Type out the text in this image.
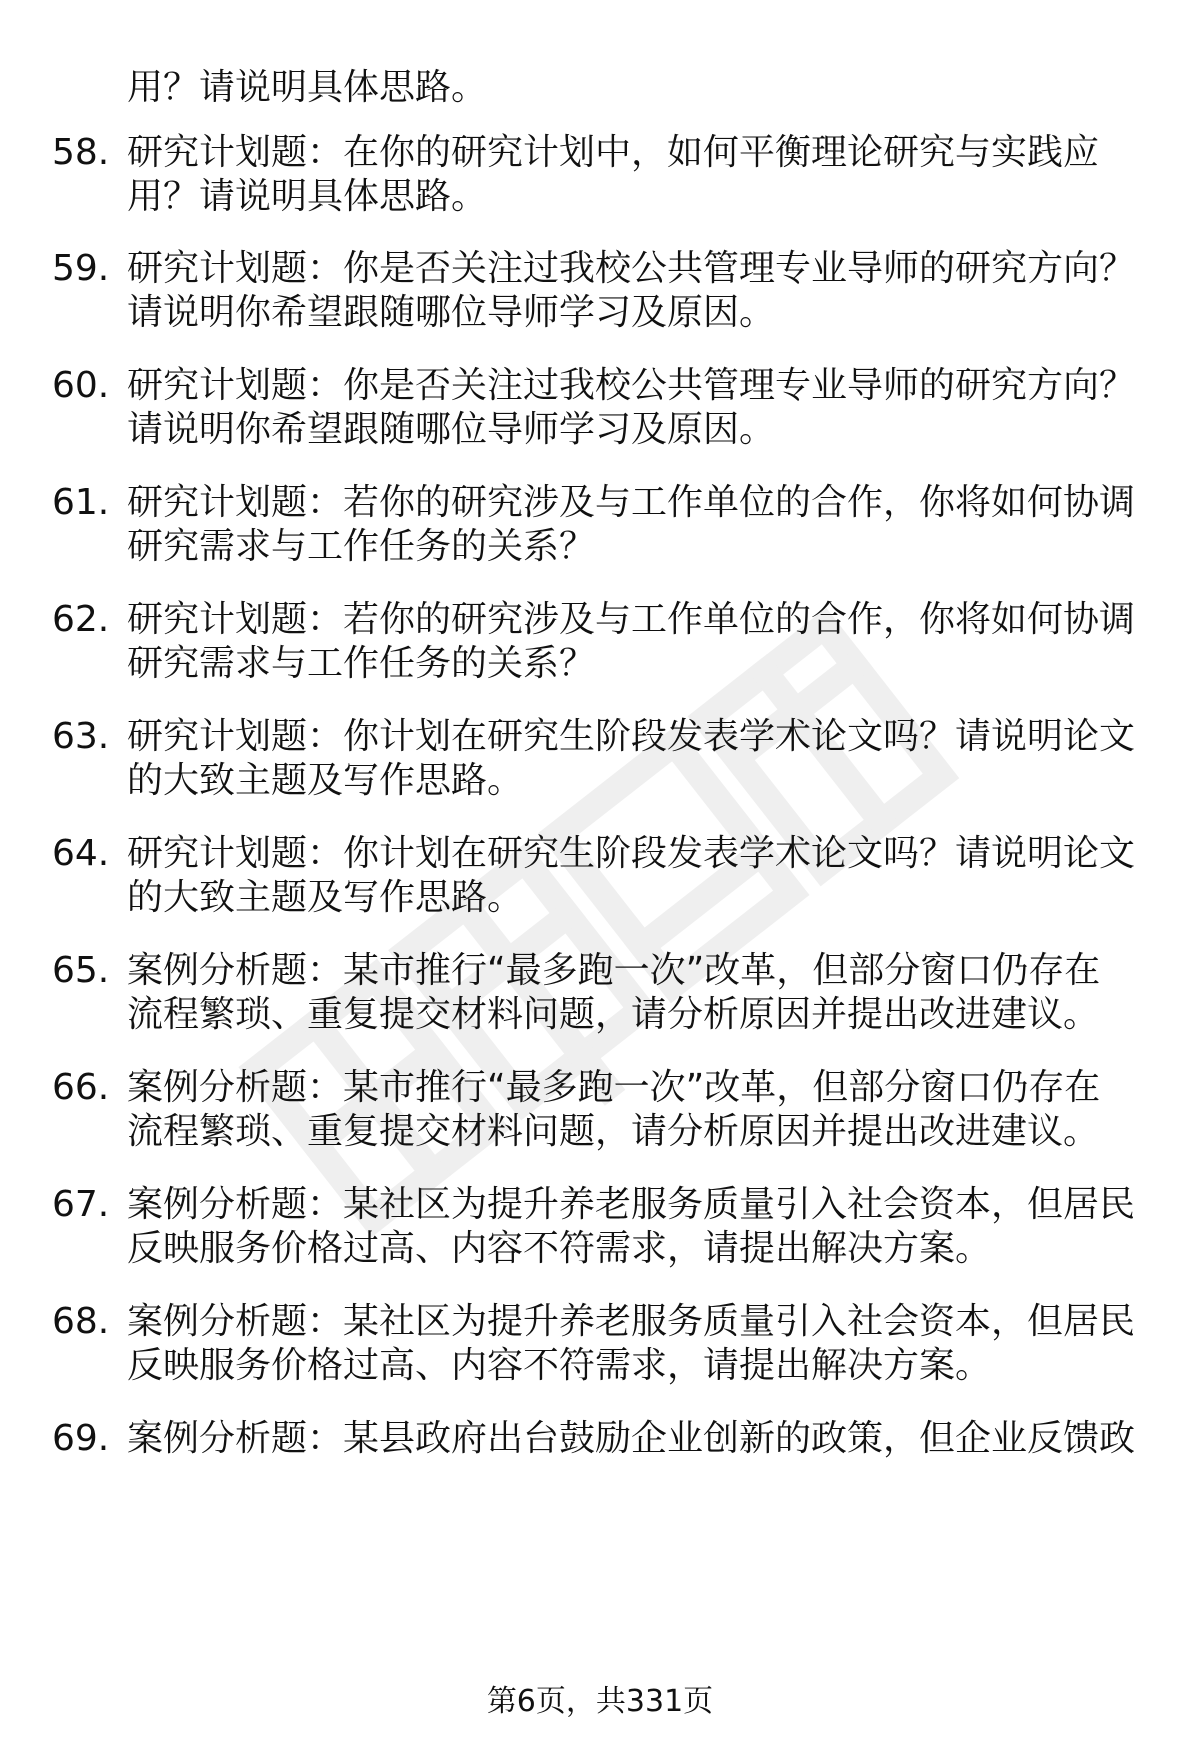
用？请说明具体思路。
58. 研究计划题：在你的研究计划中，如何平衡理论研究与实践应
用？请说明具体思路。
59. 研究计划题：你是否关注过我校公共管理专业导师的研究方向？
请说明你希望跟随哪位导师学习及原因。
60. 研究计划题：你是否关注过我校公共管理专业导师的研究方向？
请说明你希望跟随哪位导师学习及原因。
61. 研究计划题：若你的研究涉及与工作单位的合作，你将如何协调
研究需求与工作任务的关系？
62. 研究计划题：若你的研究涉及与工作单位的合作，你将如何协调
研究需求与工作任务的关系？
63. 研究计划题：你计划在研究生阶段发表学术论文吗？请说明论文
的大致主题及写作思路。
64. 研究计划题：你计划在研究生阶段发表学术论文吗？请说明论文
的大致主题及写作思路。
65. 案例分析题：某市推行“最多跑一次”改革，但部分窗口仍存在
流程繁琐、重复提交材料问题，请分析原因并提出改进建议。
66. 案例分析题：某市推行“最多跑一次”改革，但部分窗口仍存在
流程繁琐、重复提交材料问题，请分析原因并提出改进建议。
67. 案例分析题：某社区为提升养老服务质量引入社会资本，但居民
反映服务价格过高、内容不符需求，请提出解决方案。
68. 案例分析题：某社区为提升养老服务质量引入社会资本，但居民
反映服务价格过高、内容不符需求，请提出解决方案。
69. 案例分析题：某县政府出台鼓励企业创新的政策，但企业反馈政
第6页，共331页
